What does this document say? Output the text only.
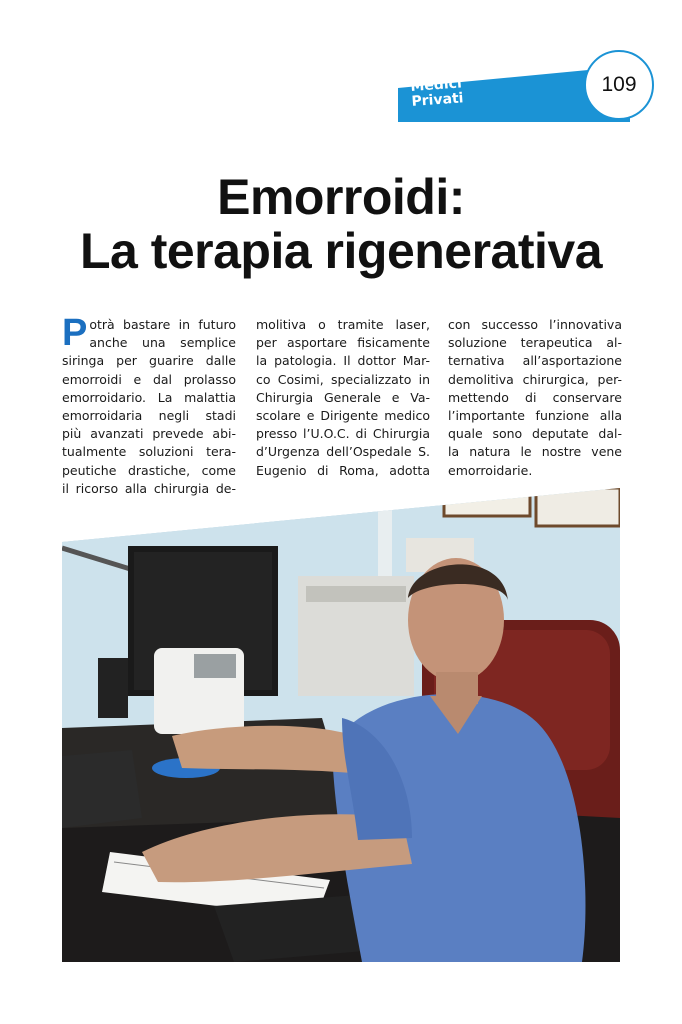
Medici
Privati
109
Emorroidi:
La terapia rigenerativa
P otrà bastare in futuro
anche una semplice
siringa per guarire dalle
emorroidi e dal prolasso
emorroidario. La malattia
emorroidaria negli stadi
più avanzati prevede abi-
tualmente soluzioni tera-
peutiche drastiche, come
il ricorso alla chirurgia de-
molitiva o tramite laser,
per asportare fisicamente
la patologia. Il dottor Mar-
co Cosimi, specializzato in
Chirurgia Generale e Va-
scolare e Dirigente medico
presso l’U.O.C. di Chirurgia
d’Urgenza dell’Ospedale S.
Eugenio di Roma, adotta
con successo l’innovativa
soluzione terapeutica al-
ternativa all’asportazione
demolitiva chirurgica, per-
mettendo di conservare
l’importante funzione alla
quale sono deputate dal-
la natura le nostre vene
emorroidarie.
